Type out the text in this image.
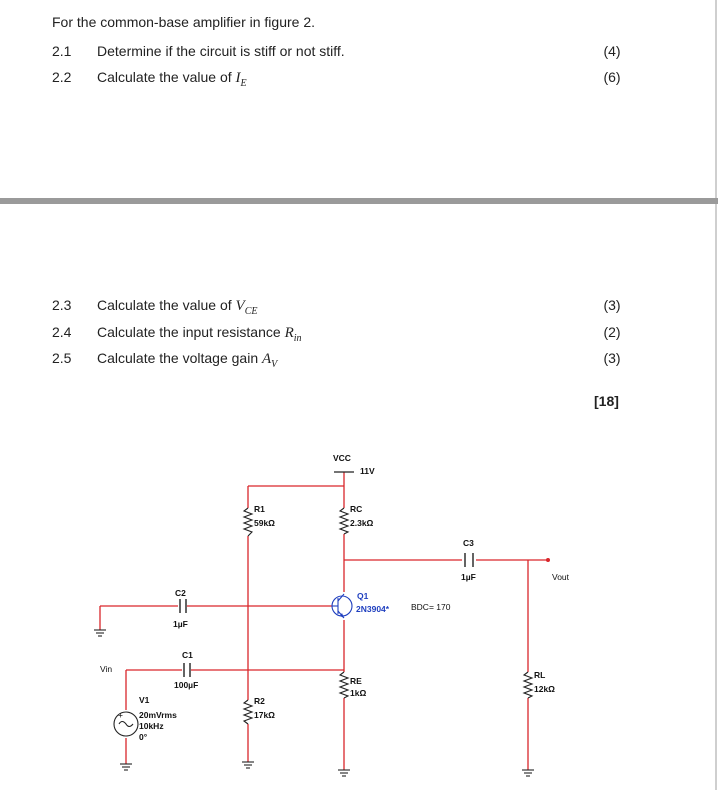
For the common-base amplifier in figure 2.
2.1	Determine if the circuit is stiff or not stiff.	(4)
2.2	Calculate the value of $I_E$	(6)
2.3	Calculate the value of $V_{CE}$	(3)
2.4	Calculate the input resistance $R_{in}$	(2)
2.5	Calculate the voltage gain $A_V$	(3)
[18]
VCC
11V
R1
59kΩ
RC
2.3kΩ
C3
1µF	Vout
C2
1µF
Q1
2N3904*	BDC= 170
C1
100µF
Vin
RE
1kΩ
RL
12kΩ
R2
17kΩ
+
V1
20mVrms
10kHz
0°
